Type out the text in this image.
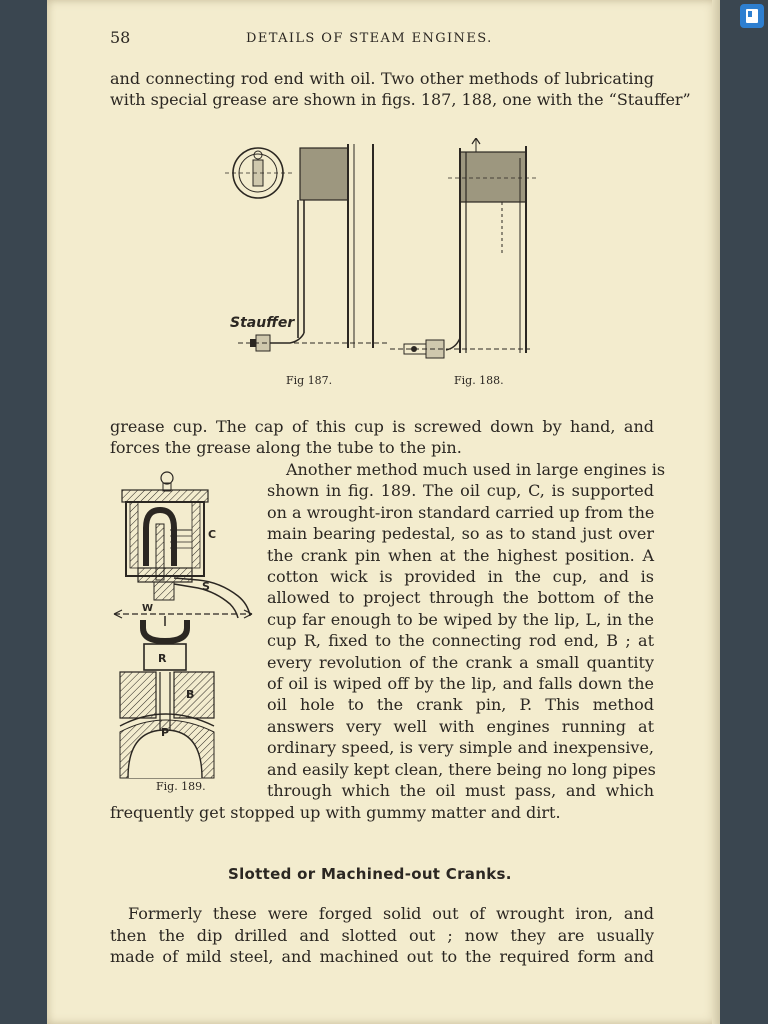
58	DETAILS OF STEAM ENGINES.
and connecting rod end with oil. Two other methods of lubricating
with special grease are shown in figs. 187, 188, one with the “Stauffer”
Stauffer
Fig 187.	Fig. 188.
grease cup. The cap of this cup is screwed down by hand, and
forces the grease along the tube to the pin.
C
S
W
R
B
P
Fig. 189.
Another method much used in large engines is
shown in fig. 189. The oil cup, C, is supported
on a wrought-iron standard carried up from the
main bearing pedestal, so as to stand just over
the crank pin when at the highest position. A
cotton wick is provided in the cup, and is
allowed to project through the bottom of the
cup far enough to be wiped by the lip, L, in the
cup R, fixed to the connecting rod end, B ; at
every revolution of the crank a small quantity
of oil is wiped off by the lip, and falls down the
oil hole to the crank pin, P. This method
answers very well with engines running at
ordinary speed, is very simple and inexpensive,
and easily kept clean, there being no long pipes
through which the oil must pass, and which
frequently get stopped up with gummy matter and dirt.
Slotted or Machined-out Cranks.
Formerly these were forged solid out of wrought iron, and
then the dip drilled and slotted out ; now they are usually
made of mild steel, and machined out to the required form and
